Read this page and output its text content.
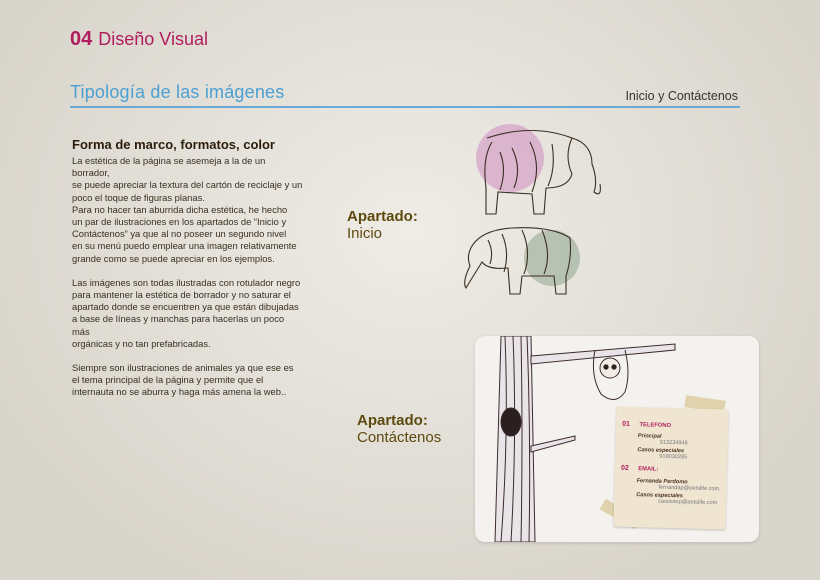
04 Diseño Visual
Tipología de las imágenes	Inicio y Contáctenos
Forma de marco, formatos, color

La estética de la página se asemeja a la de un borrador,
se puede apreciar la textura del cartón de reciclaje y un
poco el toque de figuras planas.
Para no hacer tan aburrida dicha estética, he hecho
un par de ilustraciones en los apartados de “Inicio y
Contáctenos” ya que al no poseer un segundo nivel
en su menú puedo emplear una imagen relativamente
grande como se puede apreciar en los ejemplos.

Las imágenes son todas ilustradas con rotulador negro
para mantener la estética de borrador y no saturar el
apartado donde se encuentren ya que están dibujadas
a base de líneas y manchas para hacerlas un poco más
orgánicas y no tan prefabricadas.

Siempre son ilustraciones de animales ya que ese es
el tema principal de la página y permite que el
internauta no se aburra y haga más amena la web..

Apartado:
Inicio
Apartado:
Contáctenos
01 TELEFONO
Principal
913234948
Casos especiales
919030285
02 EMAIL:
Fernanda Perdomo
fernandap@petslife.com
Casos especiales
casosesp@petslife.com
